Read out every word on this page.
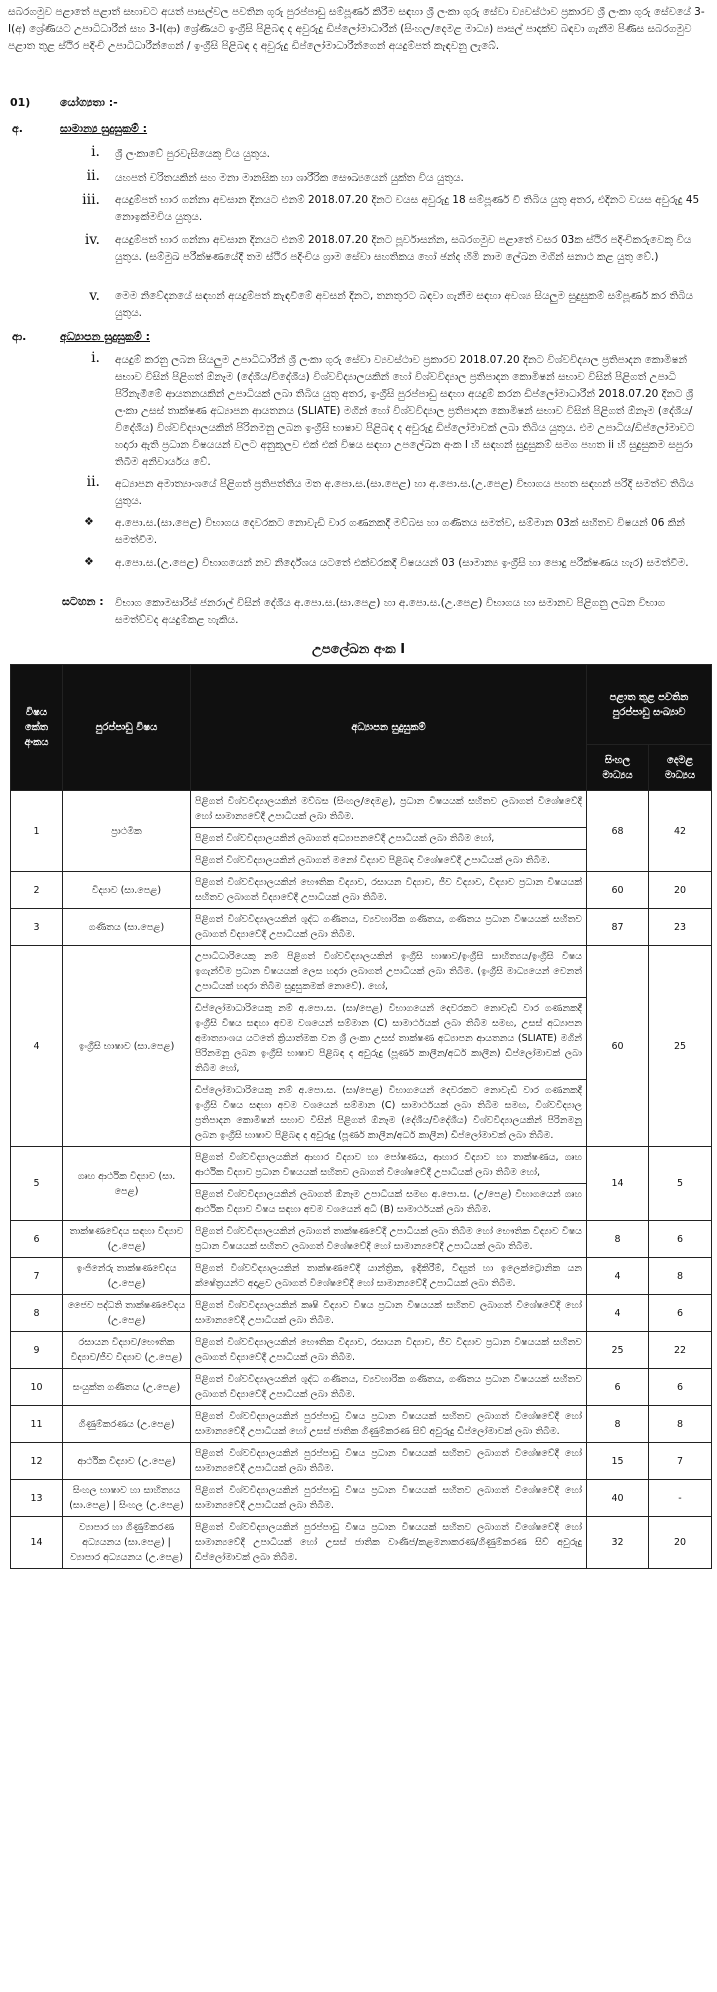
සබරගමුව පළාතේ පළාත් සභාවට අයත් පාසල්වල පවතින ගුරු පුරප්පාඩු සම්පූර්ණ කිරීම සඳහා ශ්‍රී ලංකා ගුරු සේවා ව්‍යවස්ථාව ප්‍රකාරව ශ්‍රී ලංකා ගුරු සේවයේ 3-I(අ) ශ්‍රේණියට උපාධිධාරීන් සහ 3-I(ආ) ශ්‍රේණියට ඉංග්‍රීසි පිළිබඳ ද අවුරුදු ඩිප්ලෝමාධාරීන් (සිංහල/දෙමළ මාධ්‍ය) පාසල් පාදක්ව බඳවා ගැනීම පිණිස සබරගමුව පළාත තුළ ස්ථිර පදිංචි උපාධිධාරීන්ගෙන් / ඉංග්‍රීසි පිළිබඳ ද අවුරුදු ඩිප්ලෝමාධාරීන්ගෙන් අයදුම්පත් කැඳවනු ලැබේ.
01)	යෝග්‍යතා :-
අ.	සාමාන්‍ය සුදුසුකම් :
i. ශ්‍රී ලංකාවේ පුරවැසියෙකු විය යුතුය.
ii. යහපත් චරිතයකින් සහ මනා මානසික හා ශාරීරික සෞඛ්‍යයෙන් යුක්ත විය යුතුය.
iii. අයදුම්පත් භාර ගන්නා අවසාන දිනයට එනම් 2018.07.20 දිනට වයස අවුරුදු 18 සම්පූර්ණ වී තිබිය යුතු අතර, එදිනට වයස අවුරුදු 45 නොඉක්මවිය යුතුය.
iv. අයදුම්පත් භාර ගන්නා අවසාන දිනයට එනම් 2018.07.20 දිනට පූර්වාසන්න, සබරගමුව පළාතේ වසර 03ක ස්ථිර පදිංචිකරුවෙකු විය යුතුය. (සම්මුඛ පරීක්ෂණයේදී තම ස්ථිර පදිංචිය ග්‍රාම සේවා සහතිකය හෝ ඡන්ද හිමි නාම ලේඛන මගින් සනාථ කළ යුතු වේ.)
v. මෙම නිවේදනයේ සඳහන් අයදුම්පත් කැඳවීමේ අවසන් දිනට, තනතුරට බඳවා ගැනීම සඳහා අවශ්‍ය සියලුම සුදුසුකම් සම්පූර්ණ කර තිබිය යුතුය.
ආ.	අධ්‍යාපන සුදුසුකම් :
i. අයදුම් කරනු ලබන සියලුම උපාධිධාරීන් ශ්‍රී ලංකා ගුරු සේවා ව්‍යවස්ථාව ප්‍රකාරව 2018.07.20 දිනට විශ්වවිද්‍යාල ප්‍රතිපාදන කොමිෂන් සභාව විසින් පිළිගත් ඕනෑම (දේශීය/විදේශීය) විශ්වවිද්‍යාලයකින් හෝ විශ්වවිද්‍යාල ප්‍රතිපාදන කොමිෂන් සභාව විසින් පිළිගත් උපාධි පිරිනැමීමේ ආයතනයකින් උපාධියක් ලබා තිබිය යුතු අතර, ඉංග්‍රීසි පුරප්පාඩු සඳහා අයදුම් කරන ඩිප්ලෝමාධාරීන් 2018.07.20 දිනට ශ්‍රී ලංකා උසස් තාක්ෂණ අධ්‍යාපන ආයතනය (SLIATE) මගින් හෝ විශ්වවිද්‍යාල ප්‍රතිපාදන කොමිෂන් සභාව විසින් පිළිගත් ඕනෑම (දේශීය/විදේශීය) විශ්වවිද්‍යාලයකින් පිරිනමනු ලබන ඉංග්‍රීසි භාෂාව පිළිබඳ ද අවුරුදු ඩිප්ලෝමාවක් ලබා තිබිය යුතුය. එම උපාධිය/ඩිප්ලෝමාවට හදාරා ඇති ප්‍රධාන විෂයයන් වලට අනුකූලව එක් එක් විෂය සඳහා උපලේඛන අංක I හි සඳහන් සුදුසුකම් සමග පහත ii හි සුදුසුකම සපුරා තිබීම අනිවාර්යය වේ.
ii. අධ්‍යාපන අමාත්‍යාංශයේ පිළිගත් ප්‍රතිපත්තිය මත අ.පො.ස.(සා.පෙළ) හා අ.පො.ස.(උ.පෙළ) විභාගය පහත සඳහන් පරිදි සමත්ව තිබිය යුතුය.
❖ අ.පො.ස.(සා.පෙළ) විභාගය දෙවරකට නොවැඩි වාර ගණනකදී මව්බස හා ගණිතය සමත්ව, සම්මාන 03ක් සහිතව විෂයන් 06 කින් සමත්වීම.
❖ අ.පො.ස.(උ.පෙළ) විභාගයෙන් නව නිර්දේශය යටතේ එක්වරකදී විෂයයන් 03 (සාමාන්‍ය ඉංග්‍රීසි හා පොදු පරීක්ෂණය හැර) සමත්වීම.
සටහන : විභාග කොමසාරිස් ජනරාල් විසින් දේශීය අ.පො.ස.(සා.පෙළ) හා අ.පො.ස.(උ.පෙළ) විභාගය හා සමානව පිළිගනු ලබන විභාග සමත්ව්වද අයදුම්කළ හැකිය.
උපලේඛන අංක I
විෂය කේත අංකය	පුරප්පාඩු විෂය	අධ්‍යාපන සුදුසුකම්	පළාත තුළ පවතින පුරප්පාඩු සංඛ්‍යාව	
			සිංහල මාධ්‍යය	දෙමළ මාධ්‍යය
1	ප්‍රාථමික	පිළිගත් විශ්වවිද්‍යාලයකින් මව්බස (සිංහල/දෙමළ), ප්‍රධාන විෂයයක් සහිතව ලබාගත් විශේෂවේදී හෝ සාමාන්‍යවේදී උපාධියක් ලබා තිබීම.	68	42
		පිළිගත් විශ්වවිද්‍යාලයකින් ලබාගත් අධ්‍යාපනවේදී උපාධියක් ලබා තිබීම හෝ,		
		පිළිගත් විශ්වවිද්‍යාලයකින් ලබාගත් මනෝ විද්‍යාව පිළිබඳ විශේෂවේදී උපාධියක් ලබා තිබීම.		
2	විද්‍යාව (සා.පෙළ)	පිළිගත් විශ්වවිද්‍යාලයකින් භෞතික විද්‍යාව, රසායන විද්‍යාව, ජීව විද්‍යාව, විද්‍යාව ප්‍රධාන විෂයයක් සහිතව ලබාගත් විද්‍යාවේදී උපාධියක් ලබා තිබීම.	60	20
3	ගණිතය (සා.පෙළ)	පිළිගත් විශ්වවිද්‍යාලයකින් ශුද්ධ ගණිතය, ව්‍යවහාරික ගණිතය, ගණිතය ප්‍රධාන විෂයයක් සහිතව ලබාගත් විද්‍යාවේදී උපාධියක් ලබා තිබීම.	87	23
4	ඉංග්‍රීසි භාෂාව (සා.පෙළ)	උපාධිධාරියෙකු නම් පිළිගත් විශ්වවිද්‍යාලයකින් ඉංග්‍රීසි භාෂාව/ඉංග්‍රීසි සාහිත්‍යය/ඉංග්‍රීසි විෂය ඉගැන්වීම ප්‍රධාන විෂයයක් ලෙස හදාරා ලබාගත් උපාධියක් ලබා තිබීම. (ඉංග්‍රීසි මාධ්‍යයෙන් වෙනත් උපාධියක් හදාරා තිබීම සුදුසුකමක් නොවේ). හෝ,	60	25
		ඩිප්ලෝමාධාරියෙකු නම් අ.පො.ස. (සා/පෙළ) විභාගයෙන් දෙවරකට නොවැඩි වාර ගණනකදී ඉංග්‍රීසි විෂය සඳහා අවම වශයෙන් සම්මාන (C) සාමාර්ථයක් ලබා තිබීම සමඟ, උසස් අධ්‍යාපන අමාත්‍යාංශය යටතේ ක්‍රියාත්මක වන ශ්‍රී ලංකා උසස් තාක්ෂණ අධ්‍යාපන ආයතනය (SLIATE) මගින් පිරිනමනු ලබන ඉංග්‍රීසි භාෂාව පිළිබඳ ද අවුරුදු (පූර්ණ කාලීන/අර්ධ කාලීන) ඩිප්ලෝමාවක් ලබා තිබීම හෝ,		
		ඩිප්ලෝමාධාරියෙකු නම් අ.පො.ස. (සා/පෙළ) විභාගයෙන් දෙවරකට නොවැඩි වාර ගණනකදී ඉංග්‍රීසි විෂය සඳහා අවම වශයෙන් සම්මාන (C) සාමාර්ථයක් ලබා තිබීම සමඟ, විශ්වවිද්‍යාල ප්‍රතිපාදන කොමිෂන් සභාව විසින් පිළිගත් ඕනෑම (දේශීය/විදේශීය) විශ්වවිද්‍යාලයකින් පිරිනමනු ලබන ඉංග්‍රීසි භාෂාව පිළිබඳ ද අවුරුදු (පූර්ණ කාලීන/අර්ධ කාලීන) ඩිප්ලෝමාවක් ලබා තිබීම.		
5	ගෘහ ආර්ථික විද්‍යාව (සා. පෙළ)	පිළිගත් විශ්වවිද්‍යාලයකින් ආහාර විද්‍යාව හා පෝෂණය, ආහාර විද්‍යාව හා තාක්ෂණය, ගෘහ ආර්ථික විද්‍යාව ප්‍රධාන විෂයයක් සහිතව ලබාගත් විශේෂවේදී උපාධියක් ලබා තිබීම හෝ,	14	5
		පිළිගත් විශ්වවිද්‍යාලයකින් ලබාගත් ඕනෑම උපාධියක් සමඟ අ.පො.ස. (උ/පෙළ) විභාගයෙන් ගෘහ ආර්ථික විද්‍යාව විෂය සඳහා අවම වශයෙන් අධි (B) සාමාර්ථයක් ලබා තිබීම.		
6	තාක්ෂණවේදය සඳහා විද්‍යාව (උ.පෙළ)	පිළිගත් විශ්වවිද්‍යාලයකින් ලබාගත් තාක්ෂණවේදී උපාධියක් ලබා තිබීම හෝ භෞතික විද්‍යාව විෂය ප්‍රධාන විෂයයක් සහිතව ලබාගත් විශේෂවේදී හෝ සාමාන්‍යවේදී උපාධියක් ලබා තිබීම.	8	6
7	ඉංජිනේරු තාක්ෂණවේදය (උ.පෙළ)	පිළිගත් විශ්වවිද්‍යාලයකින් තාක්ෂණවේදී යාන්ත්‍රික, ඉදිකිරීම්, විද්‍යුත් හා ඉලෙක්ට්‍රොනික යන ක්ෂේත්‍රයන්ට අදාළව ලබාගත් විශේෂවේදී හෝ සාමාන්‍යවේදී උපාධියක් ලබා තිබීම.	4	8
8	ජෛව පද්ධති තාක්ෂණවේදය (උ.පෙළ)	පිළිගත් විශ්වවිද්‍යාලයකින් කෘෂි විද්‍යාව විෂය ප්‍රධාන විෂයයක් සහිතව ලබාගත් විශේෂවේදී හෝ සාමාන්‍යවේදී උපාධියක් ලබා තිබීම.	4	6
9	රසායන විද්‍යාව/භෞතික විද්‍යාව/ජීව විද්‍යාව (උ.පෙළ)	පිළිගත් විශ්වවිද්‍යාලයකින් භෞතික විද්‍යාව, රසායන විද්‍යාව, ජීව විද්‍යාව ප්‍රධාන විෂයයක් සහිතව ලබාගත් විද්‍යාවේදී උපාධියක් ලබා තිබීම.	25	22
10	සංයුක්ත ගණිතය (උ.පෙළ)	පිළිගත් විශ්වවිද්‍යාලයකින් ශුද්ධ ගණිතය, ව්‍යවහාරික ගණිතය, ගණිතය ප්‍රධාන විෂයයක් සහිතව ලබාගත් විද්‍යාවේදී උපාධියක් ලබා තිබීම.	6	6
11	ගිණුම්කරණය (උ.පෙළ)	පිළිගත් විශ්වවිද්‍යාලයකින් පුරප්පාඩු විෂය ප්‍රධාන විෂයයක් සහිතව ලබාගත් විශේෂවේදී හෝ සාමාන්‍යවේදී උපාධියක් හෝ උසස් ජාතික ගිණුම්කරණ සිව් අවුරුදු ඩිප්ලෝමාවක් ලබා තිබීම.	8	8
12	ආර්ථික විද්‍යාව (උ.පෙළ)	පිළිගත් විශ්වවිද්‍යාලයකින් පුරප්පාඩු විෂය ප්‍රධාන විෂයයක් සහිතව ලබාගත් විශේෂවේදී හෝ සාමාන්‍යවේදී උපාධියක් ලබා තිබීම.	15	7
13	සිංහල භාෂාව හා සාහිත්‍යය (සා.පෙළ) | සිංහල (උ.පෙළ)	පිළිගත් විශ්වවිද්‍යාලයකින් පුරප්පාඩු විෂය ප්‍රධාන විෂයයක් සහිතව ලබාගත් විශේෂවේදී හෝ සාමාන්‍යවේදී උපාධියක් ලබා තිබීම.	40	-
14	ව්‍යාපාර හා ගිණුම්කරණ අධ්‍යයනය (සා.පෙළ) | ව්‍යාපාර අධ්‍යයනය (උ.පෙළ)	පිළිගත් විශ්වවිද්‍යාලයකින් පුරප්පාඩු විෂය ප්‍රධාන විෂයයක් සහිතව ලබාගත් විශේෂවේදී හෝ සාමාන්‍යවේදී උපාධියක් හෝ උසස් ජාතික වාණිජ/කළමනාකරණ/ගිණුම්කරණ සිව් අවුරුදු ඩිප්ලෝමාවක් ලබා තිබීම.	32	20
